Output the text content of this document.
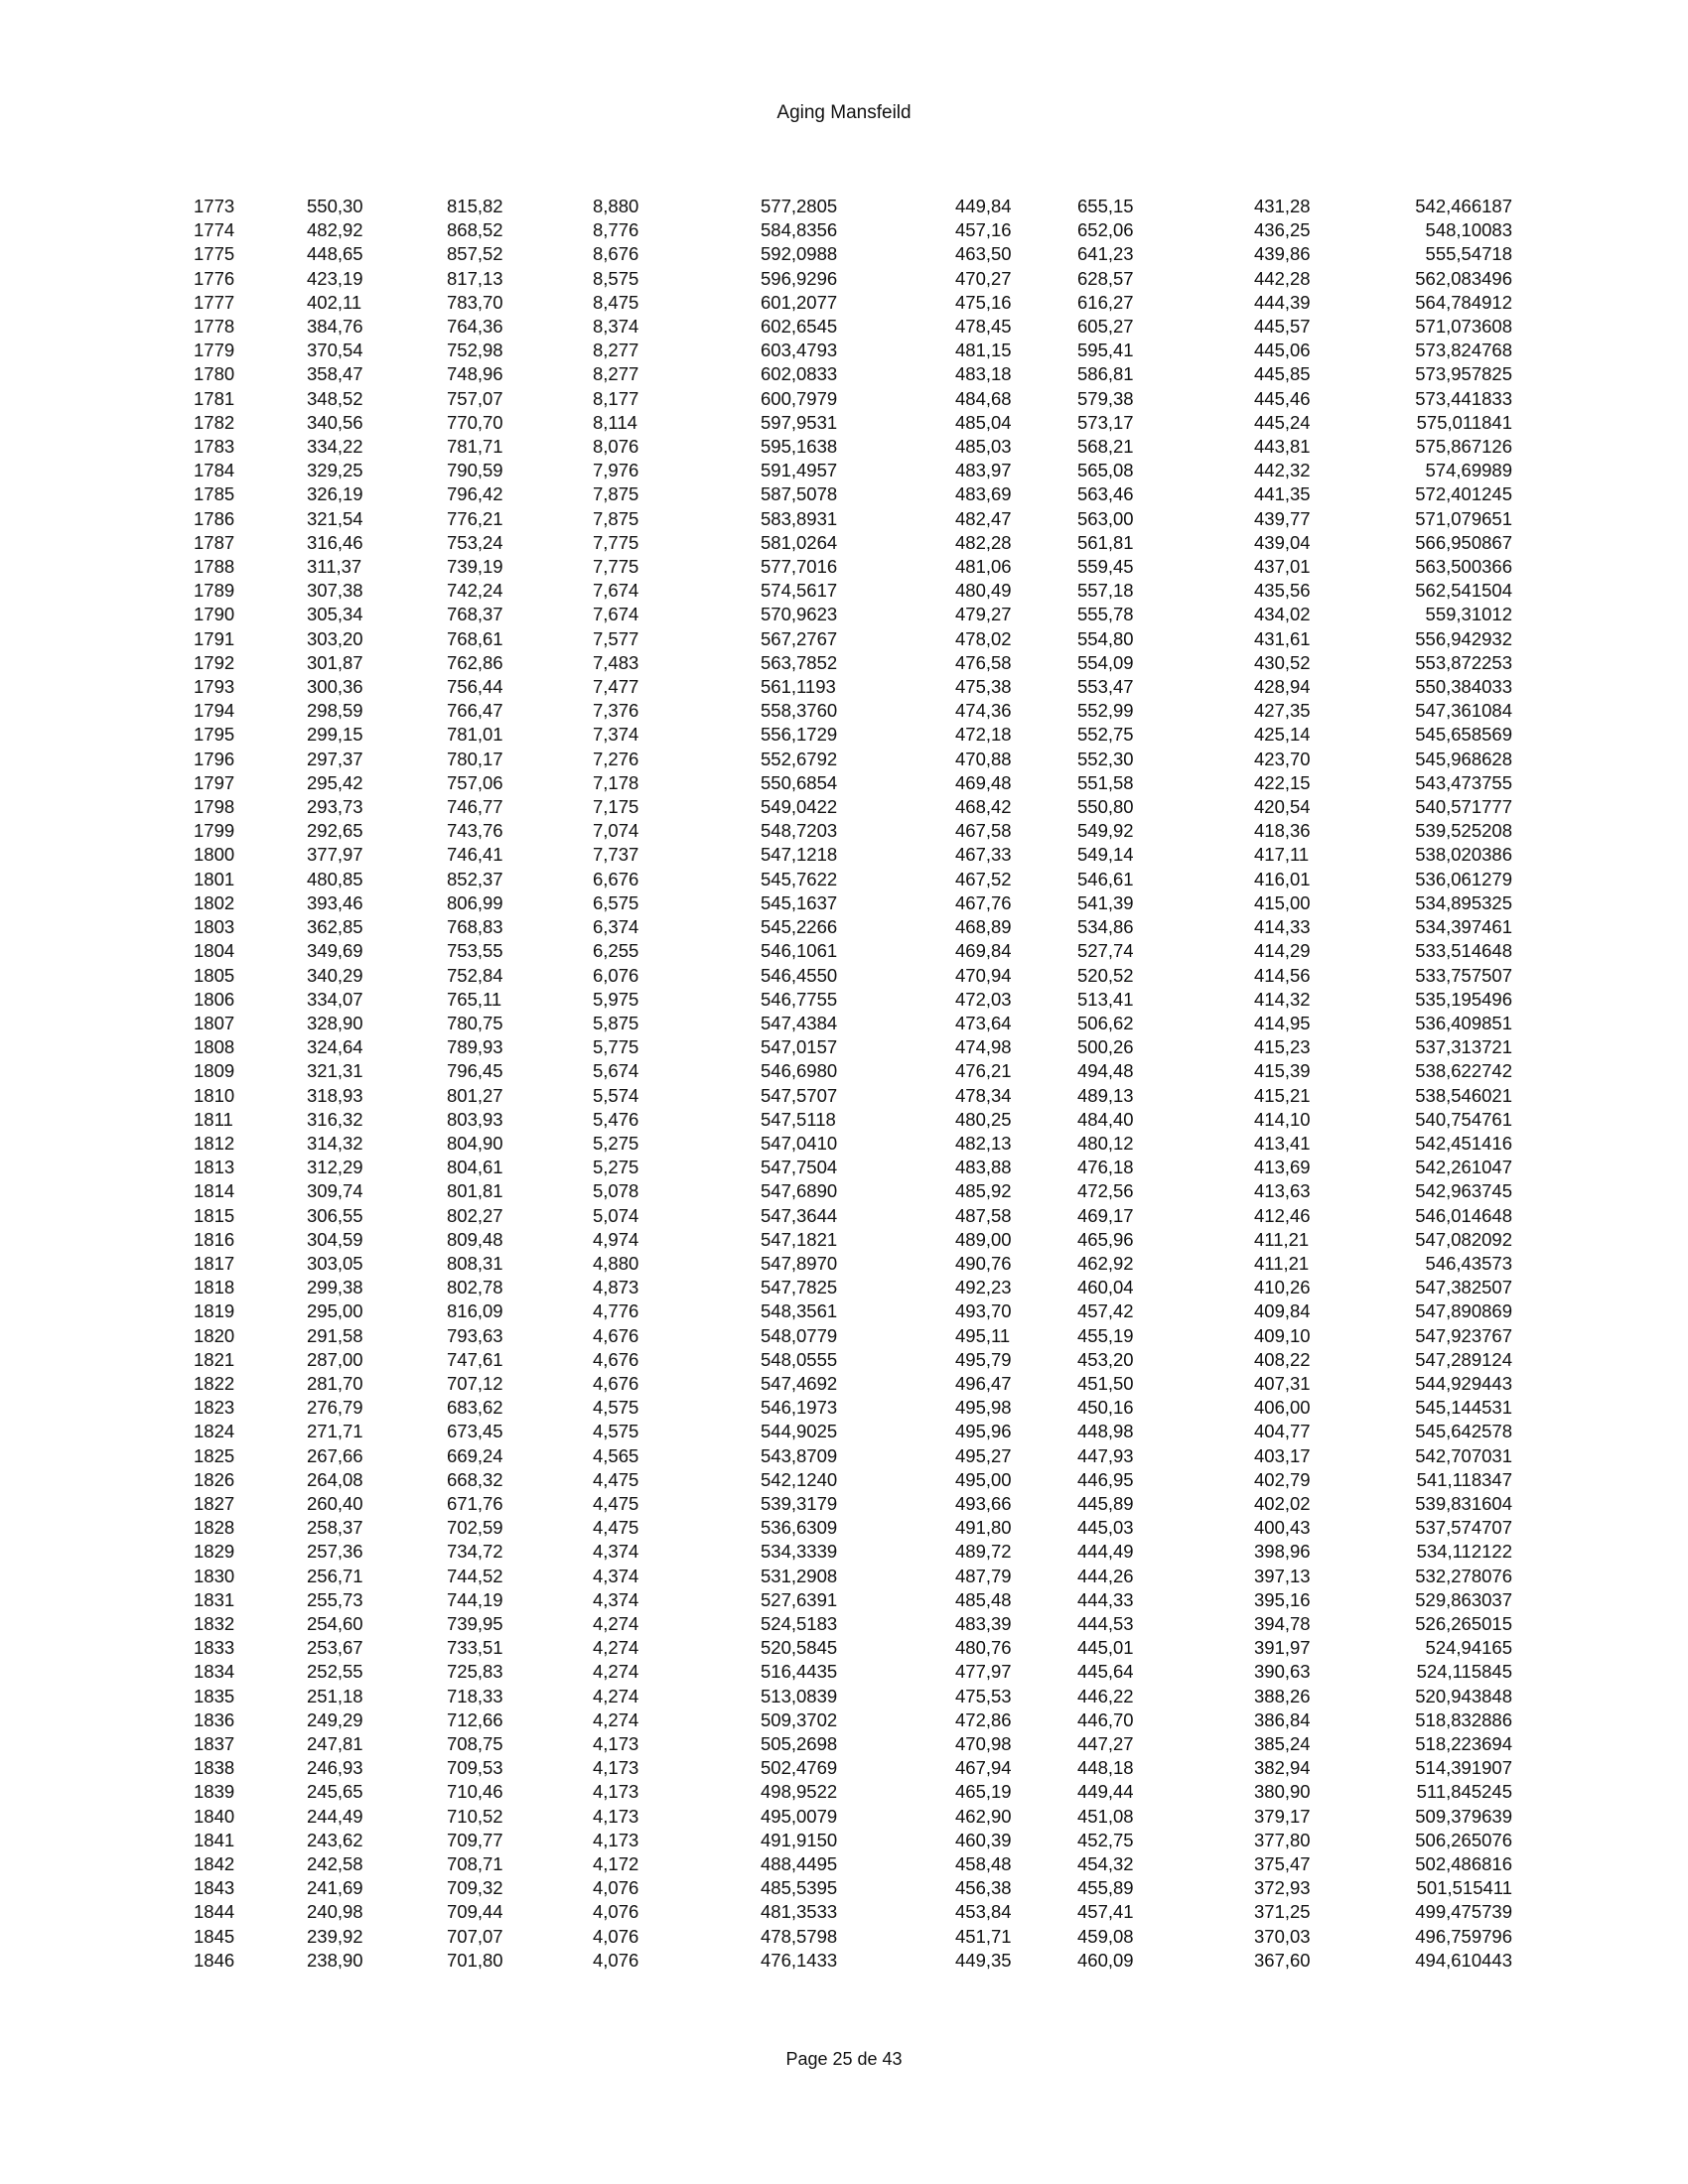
Aging Mansfeild
1773	550,30	815,82	8,880	577,2805	449,84	655,15	431,28	542,466187
1774	482,92	868,52	8,776	584,8356	457,16	652,06	436,25	548,10083
1775	448,65	857,52	8,676	592,0988	463,50	641,23	439,86	555,54718
1776	423,19	817,13	8,575	596,9296	470,27	628,57	442,28	562,083496
1777	402,11	783,70	8,475	601,2077	475,16	616,27	444,39	564,784912
1778	384,76	764,36	8,374	602,6545	478,45	605,27	445,57	571,073608
1779	370,54	752,98	8,277	603,4793	481,15	595,41	445,06	573,824768
1780	358,47	748,96	8,277	602,0833	483,18	586,81	445,85	573,957825
1781	348,52	757,07	8,177	600,7979	484,68	579,38	445,46	573,441833
1782	340,56	770,70	8,114	597,9531	485,04	573,17	445,24	575,011841
1783	334,22	781,71	8,076	595,1638	485,03	568,21	443,81	575,867126
1784	329,25	790,59	7,976	591,4957	483,97	565,08	442,32	574,69989
1785	326,19	796,42	7,875	587,5078	483,69	563,46	441,35	572,401245
1786	321,54	776,21	7,875	583,8931	482,47	563,00	439,77	571,079651
1787	316,46	753,24	7,775	581,0264	482,28	561,81	439,04	566,950867
1788	311,37	739,19	7,775	577,7016	481,06	559,45	437,01	563,500366
1789	307,38	742,24	7,674	574,5617	480,49	557,18	435,56	562,541504
1790	305,34	768,37	7,674	570,9623	479,27	555,78	434,02	559,31012
1791	303,20	768,61	7,577	567,2767	478,02	554,80	431,61	556,942932
1792	301,87	762,86	7,483	563,7852	476,58	554,09	430,52	553,872253
1793	300,36	756,44	7,477	561,1193	475,38	553,47	428,94	550,384033
1794	298,59	766,47	7,376	558,3760	474,36	552,99	427,35	547,361084
1795	299,15	781,01	7,374	556,1729	472,18	552,75	425,14	545,658569
1796	297,37	780,17	7,276	552,6792	470,88	552,30	423,70	545,968628
1797	295,42	757,06	7,178	550,6854	469,48	551,58	422,15	543,473755
1798	293,73	746,77	7,175	549,0422	468,42	550,80	420,54	540,571777
1799	292,65	743,76	7,074	548,7203	467,58	549,92	418,36	539,525208
1800	377,97	746,41	7,737	547,1218	467,33	549,14	417,11	538,020386
1801	480,85	852,37	6,676	545,7622	467,52	546,61	416,01	536,061279
1802	393,46	806,99	6,575	545,1637	467,76	541,39	415,00	534,895325
1803	362,85	768,83	6,374	545,2266	468,89	534,86	414,33	534,397461
1804	349,69	753,55	6,255	546,1061	469,84	527,74	414,29	533,514648
1805	340,29	752,84	6,076	546,4550	470,94	520,52	414,56	533,757507
1806	334,07	765,11	5,975	546,7755	472,03	513,41	414,32	535,195496
1807	328,90	780,75	5,875	547,4384	473,64	506,62	414,95	536,409851
1808	324,64	789,93	5,775	547,0157	474,98	500,26	415,23	537,313721
1809	321,31	796,45	5,674	546,6980	476,21	494,48	415,39	538,622742
1810	318,93	801,27	5,574	547,5707	478,34	489,13	415,21	538,546021
1811	316,32	803,93	5,476	547,5118	480,25	484,40	414,10	540,754761
1812	314,32	804,90	5,275	547,0410	482,13	480,12	413,41	542,451416
1813	312,29	804,61	5,275	547,7504	483,88	476,18	413,69	542,261047
1814	309,74	801,81	5,078	547,6890	485,92	472,56	413,63	542,963745
1815	306,55	802,27	5,074	547,3644	487,58	469,17	412,46	546,014648
1816	304,59	809,48	4,974	547,1821	489,00	465,96	411,21	547,082092
1817	303,05	808,31	4,880	547,8970	490,76	462,92	411,21	546,43573
1818	299,38	802,78	4,873	547,7825	492,23	460,04	410,26	547,382507
1819	295,00	816,09	4,776	548,3561	493,70	457,42	409,84	547,890869
1820	291,58	793,63	4,676	548,0779	495,11	455,19	409,10	547,923767
1821	287,00	747,61	4,676	548,0555	495,79	453,20	408,22	547,289124
1822	281,70	707,12	4,676	547,4692	496,47	451,50	407,31	544,929443
1823	276,79	683,62	4,575	546,1973	495,98	450,16	406,00	545,144531
1824	271,71	673,45	4,575	544,9025	495,96	448,98	404,77	545,642578
1825	267,66	669,24	4,565	543,8709	495,27	447,93	403,17	542,707031
1826	264,08	668,32	4,475	542,1240	495,00	446,95	402,79	541,118347
1827	260,40	671,76	4,475	539,3179	493,66	445,89	402,02	539,831604
1828	258,37	702,59	4,475	536,6309	491,80	445,03	400,43	537,574707
1829	257,36	734,72	4,374	534,3339	489,72	444,49	398,96	534,112122
1830	256,71	744,52	4,374	531,2908	487,79	444,26	397,13	532,278076
1831	255,73	744,19	4,374	527,6391	485,48	444,33	395,16	529,863037
1832	254,60	739,95	4,274	524,5183	483,39	444,53	394,78	526,265015
1833	253,67	733,51	4,274	520,5845	480,76	445,01	391,97	524,94165
1834	252,55	725,83	4,274	516,4435	477,97	445,64	390,63	524,115845
1835	251,18	718,33	4,274	513,0839	475,53	446,22	388,26	520,943848
1836	249,29	712,66	4,274	509,3702	472,86	446,70	386,84	518,832886
1837	247,81	708,75	4,173	505,2698	470,98	447,27	385,24	518,223694
1838	246,93	709,53	4,173	502,4769	467,94	448,18	382,94	514,391907
1839	245,65	710,46	4,173	498,9522	465,19	449,44	380,90	511,845245
1840	244,49	710,52	4,173	495,0079	462,90	451,08	379,17	509,379639
1841	243,62	709,77	4,173	491,9150	460,39	452,75	377,80	506,265076
1842	242,58	708,71	4,172	488,4495	458,48	454,32	375,47	502,486816
1843	241,69	709,32	4,076	485,5395	456,38	455,89	372,93	501,515411
1844	240,98	709,44	4,076	481,3533	453,84	457,41	371,25	499,475739
1845	239,92	707,07	4,076	478,5798	451,71	459,08	370,03	496,759796
1846	238,90	701,80	4,076	476,1433	449,35	460,09	367,60	494,610443
Page 25 de 43
